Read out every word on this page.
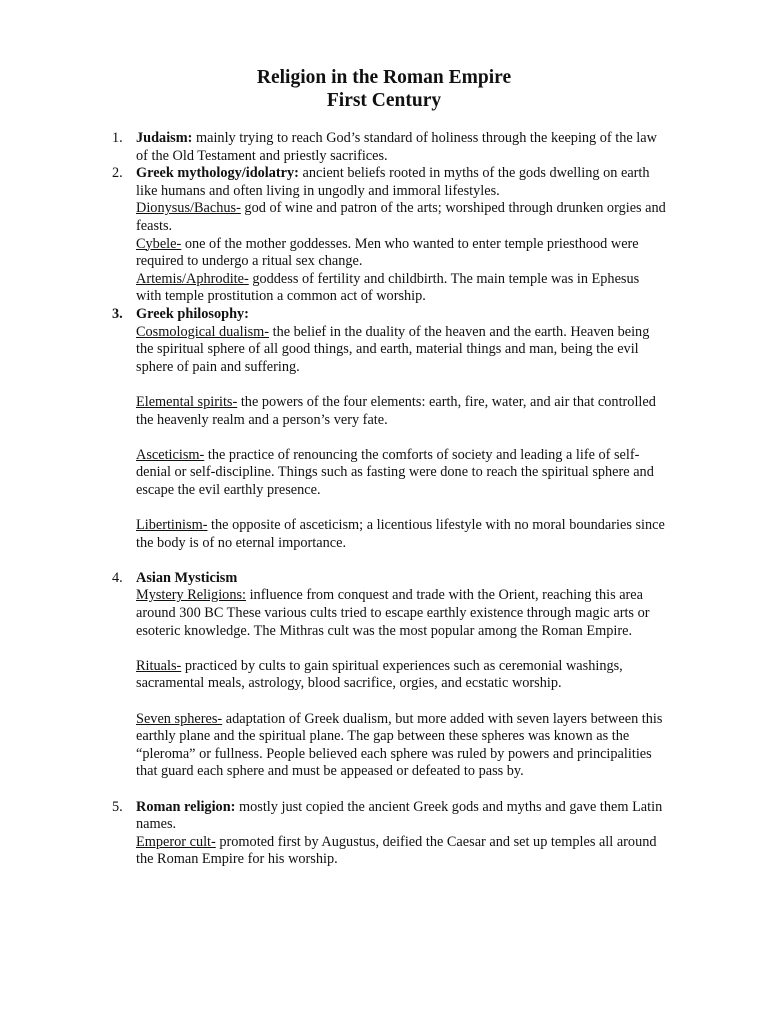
Religion in the Roman Empire
First Century
1. Judaism: mainly trying to reach God’s standard of holiness through the keeping of the law of the Old Testament and priestly sacrifices.
2. Greek mythology/idolatry: ancient beliefs rooted in myths of the gods dwelling on earth like humans and often living in ungodly and immoral lifestyles.
Dionysus/Bachus- god of wine and patron of the arts; worshiped through drunken orgies and feasts.
Cybele- one of the mother goddesses. Men who wanted to enter temple priesthood were required to undergo a ritual sex change.
Artemis/Aphrodite- goddess of fertility and childbirth. The main temple was in Ephesus with temple prostitution a common act of worship.
3. Greek philosophy:
Cosmological dualism- the belief in the duality of the heaven and the earth. Heaven being the spiritual sphere of all good things, and earth, material things and man, being the evil sphere of pain and suffering.
Elemental spirits- the powers of the four elements: earth, fire, water, and air that controlled the heavenly realm and a person’s very fate.
Asceticism- the practice of renouncing the comforts of society and leading a life of self-denial or self-discipline. Things such as fasting were done to reach the spiritual sphere and escape the evil earthly presence.
Libertinism- the opposite of asceticism; a licentious lifestyle with no moral boundaries since the body is of no eternal importance.
4. Asian Mysticism
Mystery Religions: influence from conquest and trade with the Orient, reaching this area around 300 BC These various cults tried to escape earthly existence through magic arts or esoteric knowledge. The Mithras cult was the most popular among the Roman Empire.
Rituals- practiced by cults to gain spiritual experiences such as ceremonial washings, sacramental meals, astrology, blood sacrifice, orgies, and ecstatic worship.
Seven spheres- adaptation of Greek dualism, but more added with seven layers between this earthly plane and the spiritual plane. The gap between these spheres was known as the “pleroma” or fullness. People believed each sphere was ruled by powers and principalities that guard each sphere and must be appeased or defeated to pass by.
5. Roman religion: mostly just copied the ancient Greek gods and myths and gave them Latin names.
Emperor cult- promoted first by Augustus, deified the Caesar and set up temples all around the Roman Empire for his worship.
